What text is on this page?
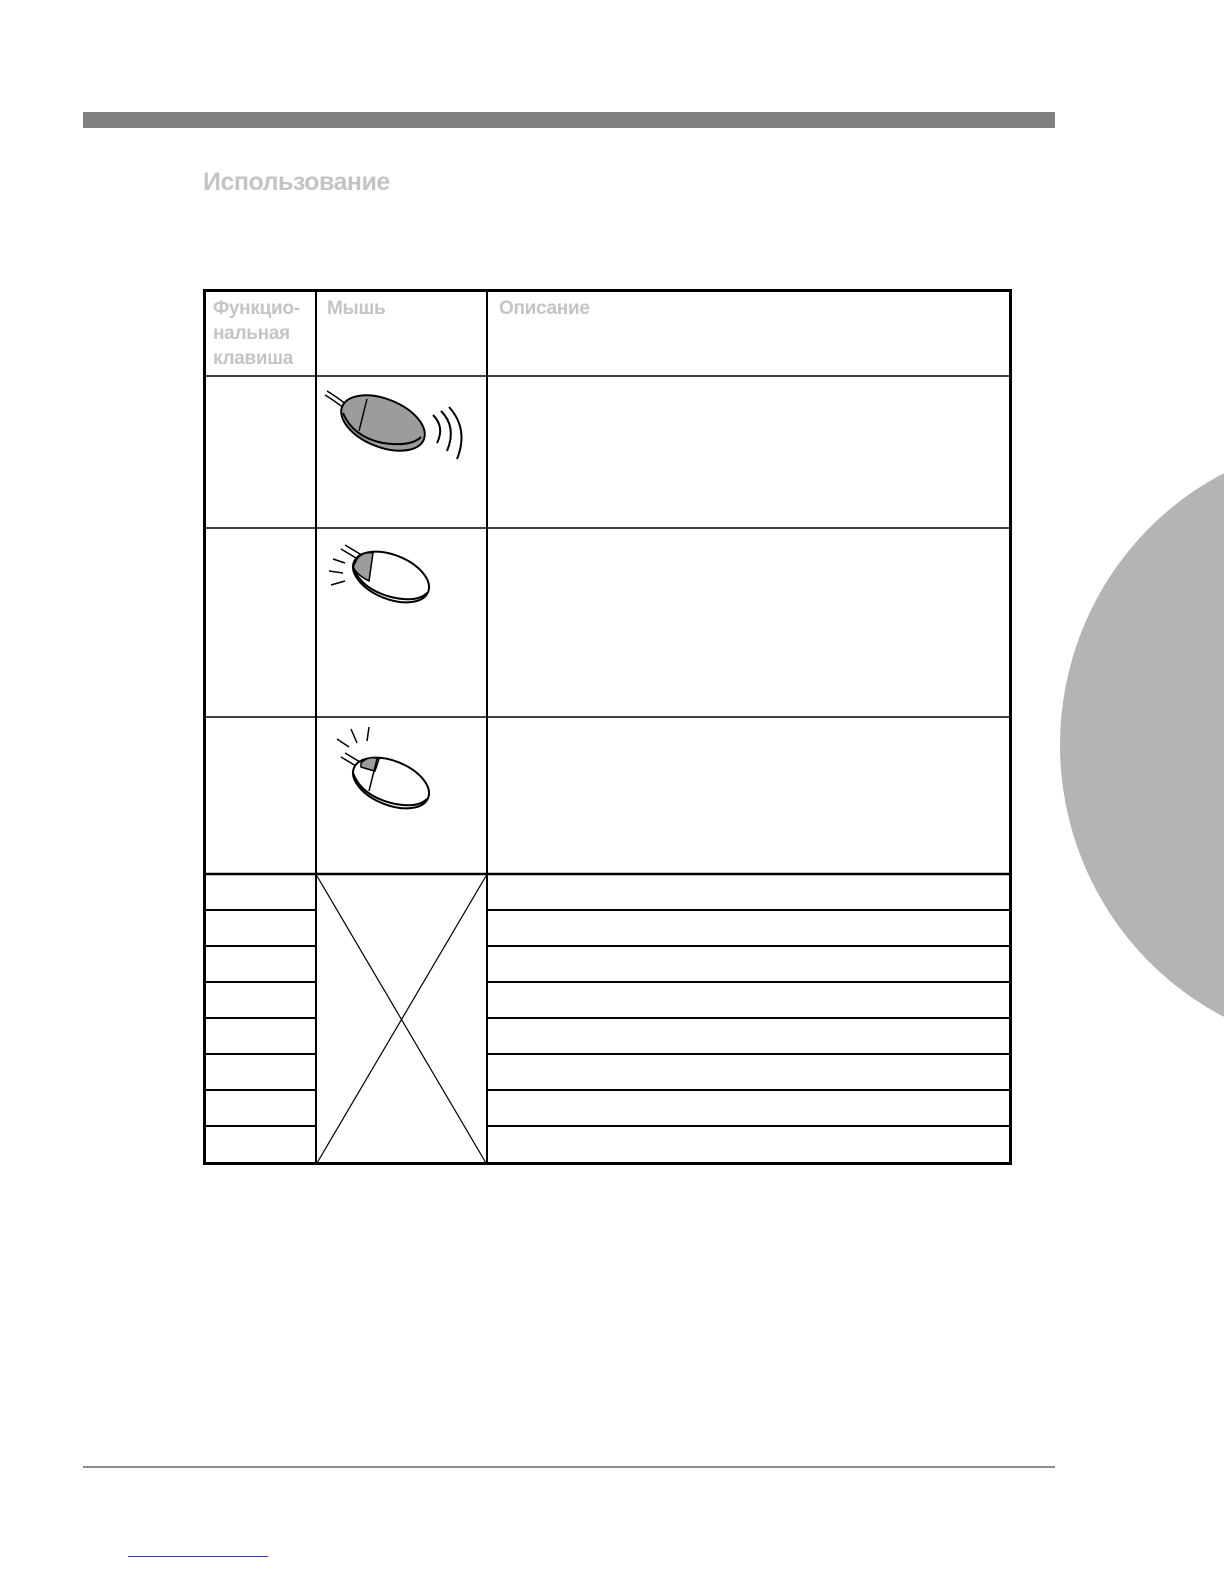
Использование
Функцио-
нальная
клавиша
Мышь	Описание
